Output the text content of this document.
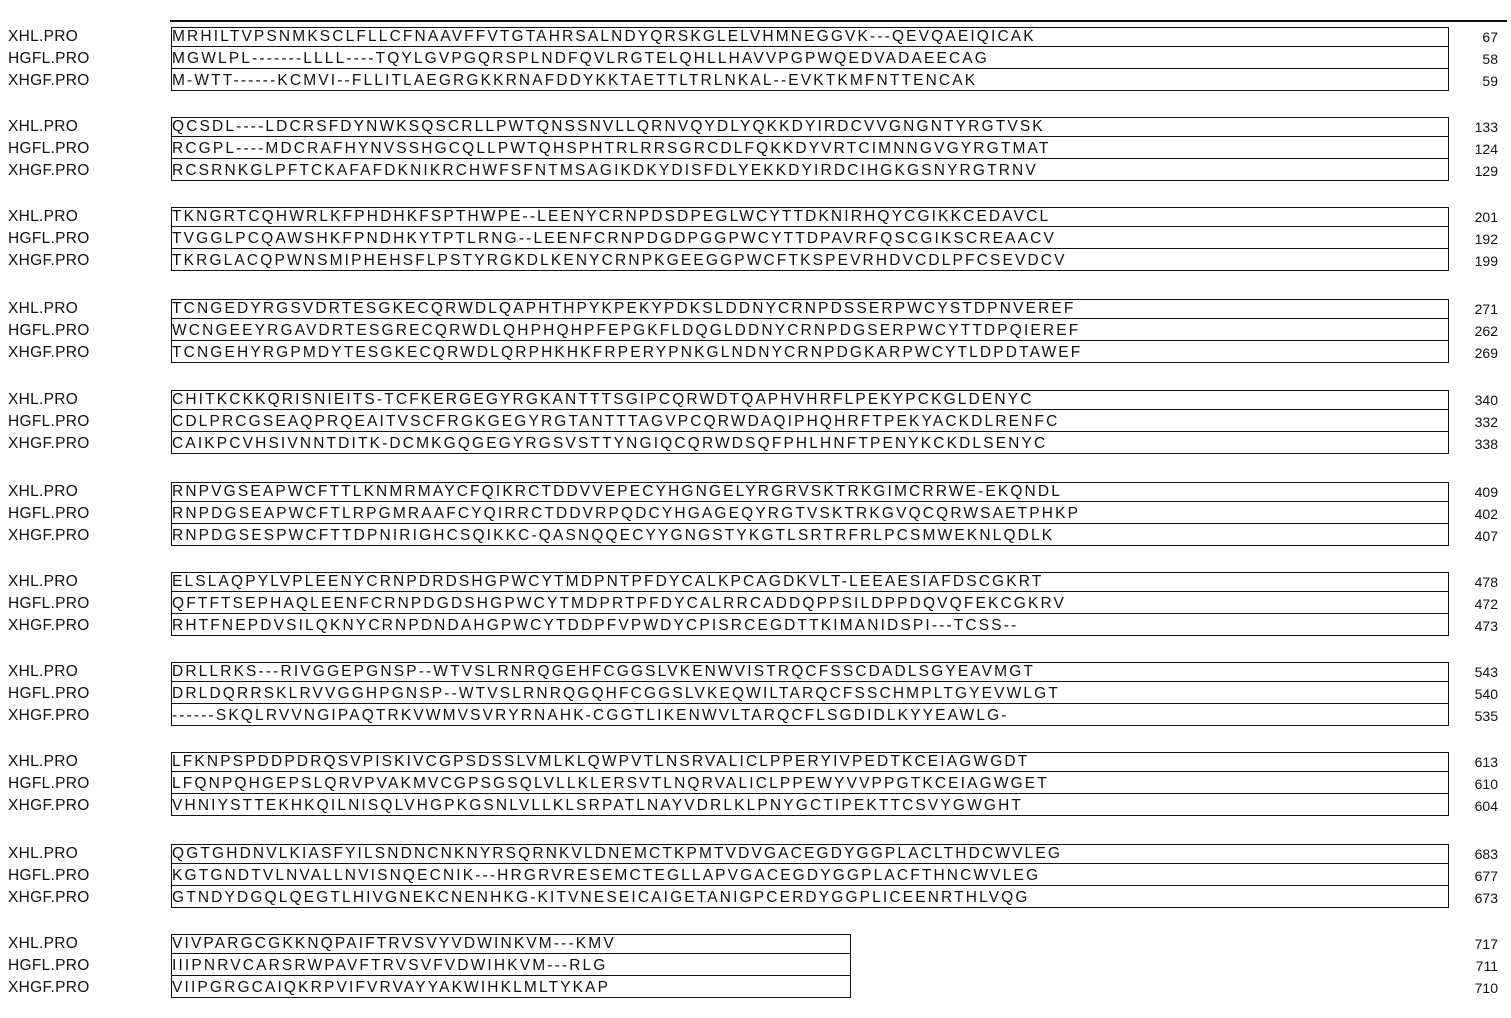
XHL.PRO	MRHILTVPSNMKSCLFLLCFNAAVFFVTGTAHRSALNDYQRSKGLELVHMNEGGVK---QEVQAEIQICAK	67
HGFL.PRO	MGWLPL-------LLLL----TQYLGVPGQRSPLNDFQVLRGTELQHLLHAVVPGPWQEDVADAEECAG	58
XHGF.PRO	M-WTT------KCMVI--FLLITLAEGRGKKRNAFDDYKKTAETTLTRLNKAL--EVKTKMFNTTENCAK	59
XHL.PRO	QCSDL----LDCRSFDYNWKSQSCRLLPWTQNSSNVLLQRNVQYDLYQKKDYIRDCVVGNGNTYRGTVSK	133
HGFL.PRO	RCGPL----MDCRAFHYNVSSHGCQLLPWTQHSPHTRLRRSGRCDLFQKKDYVRTCIMNNGVGYRGTMAT	124
XHGF.PRO	RCSRNKGLPFTCKAFAFDKNIKRCHWFSFNTMSAGIKDKYDISFDLYEKKDYIRDCIHGKGSNYRGTRNV	129
XHL.PRO	TKNGRTCQHWRLKFPHDHKFSPTHWPE--LEENYCRNPDSDPEGLWCYTTDKNIRHQYCGIKKCEDAVCL	201
HGFL.PRO	TVGGLPCQAWSHKFPNDHKYTPTLRNG--LEENFCRNPDGDPGGPWCYTTDPAVRFQSCGIKSCREAACV	192
XHGF.PRO	TKRGLACQPWNSMIPHEHSFLPSTYRGKDLKENYCRNPKGEEGGPWCFTKSPEVRHDVCDLPFCSEVDCV	199
XHL.PRO	TCNGEDYRGSVDRTESGKECQRWDLQAPHTHPYKPEKYPDKSLDDNYCRNPDSSERPWCYSTDPNVEREF	271
HGFL.PRO	WCNGEEYRGAVDRTESGRECQRWDLQHPHQHPFEPGKFLDQGLDDNYCRNPDGSERPWCYTTDPQIEREF	262
XHGF.PRO	TCNGEHYRGPMDYTESGKECQRWDLQRPHKHKFRPERYPNKGLNDNYCRNPDGKARPWCYTLDPDTAWEF	269
XHL.PRO	CHITKCKKQRISNIEITS-TCFKERGEGYRGKANTTTSGIPCQRWDTQAPHVHRFLPEKYPCKGLDENYC	340
HGFL.PRO	CDLPRCGSEAQPRQEAITVSCFRGKGEGYRGTANTTTAGVPCQRWDAQIPHQHRFTPEKYACKDLRENFC	332
XHGF.PRO	CAIKPCVHSIVNNTDITK-DCMKGQGEGYRGSVSTTYNGIQCQRWDSQFPHLHNFTPENYKCKDLSENYC	338
XHL.PRO	RNPVGSEAPWCFTTLKNMRMAYCFQIKRCTDDVVEPECYHGNGELYRGRVSKTRKGIMCRRWE-EKQNDL	409
HGFL.PRO	RNPDGSEAPWCFTLRPGMRAAFCYQIRRCTDDVRPQDCYHGAGEQYRGTVSKTRKGVQCQRWSAETPHKP	402
XHGF.PRO	RNPDGSESPWCFTTDPNIRIGHCSQIKKC-QASNQQECYYGNGSTYKGTLSRTRFRLPCSMWEKNLQDLK	407
XHL.PRO	ELSLAQPYLVPLEENYCRNPDRDSHGPWCYTMDPNTPFDYCALKPCAGDKVLT-LEEAESIAFDSCGKRT	478
HGFL.PRO	QFTFTSEPHAQLEENFCRNPDGDSHGPWCYTMDPRTPFDYCALRRCADDQPPSILDPPDQVQFEKCGKRV	472
XHGF.PRO	RHTFNEPDVSILQKNYCRNPDNDAHGPWCYTDDPFVPWDYCPISRCEGDTTKIMANIDSPI---TCSS--	473
XHL.PRO	DRLLRKS---RIVGGEPGNSP--WTVSLRNRQGEHFCGGSLVKENWVISTRQCFSSCDADLSGYEAVMGT	543
HGFL.PRO	DRLDQRRSKLRVVGGHPGNSP--WTVSLRNRQGQHFCGGSLVKEQWILTARQCFSSCHMPLTGYEVWLGT	540
XHGF.PRO	------SKQLRVVNGIPAQTRKVWMVSVRYRNAHK-CGGTLIKENWVLTARQCFLSGDIDLKYYEAWLG-	535
XHL.PRO	LFKNPSPDDPDRQSVPISKIVCGPSDSSLVMLKLQWPVTLNSRVALICLPPERYIVPEDTKCEIAGWGDT	613
HGFL.PRO	LFQNPQHGEPSLQRVPVAKMVCGPSGSQLVLLKLERSVTLNQRVALICLPPEWYVVPPGTKCEIAGWGET	610
XHGF.PRO	VHNIYSTTEKHKQILNISQLVHGPKGSNLVLLKLSRPATLNAYVDRLKLPNYGCTIPEKTTCSVYGWGHT	604
XHL.PRO	QGTGHDNVLKIASFYILSNDNCNKNYRSQRNKVLDNEMCTKPMTVDVGACEGDYGGPLACLTHDCWVLEG	683
HGFL.PRO	KGTGNDTVLNVALLNVISNQECNIK---HRGRVRESEMCTEGLLAPVGACEGDYGGPLACFTHNCWVLEG	677
XHGF.PRO	GTNDYDGQLQEGTLHIVGNEKCNENHKG-KITVNESEICAIGETANIGPCERDYGGPLICEENRTHLVQG	673
XHL.PRO	VIVPARGCGKKNQPAIFTRVSVYVDWINKVM---KMV	717
HGFL.PRO	IIIPNRVCARSRWPAVFTRVSVFVDWIHKVM---RLG	711
XHGF.PRO	VIIPGRGCAIQKRPVIFVRVAYYAKWIHKLMLTYKAP	710
